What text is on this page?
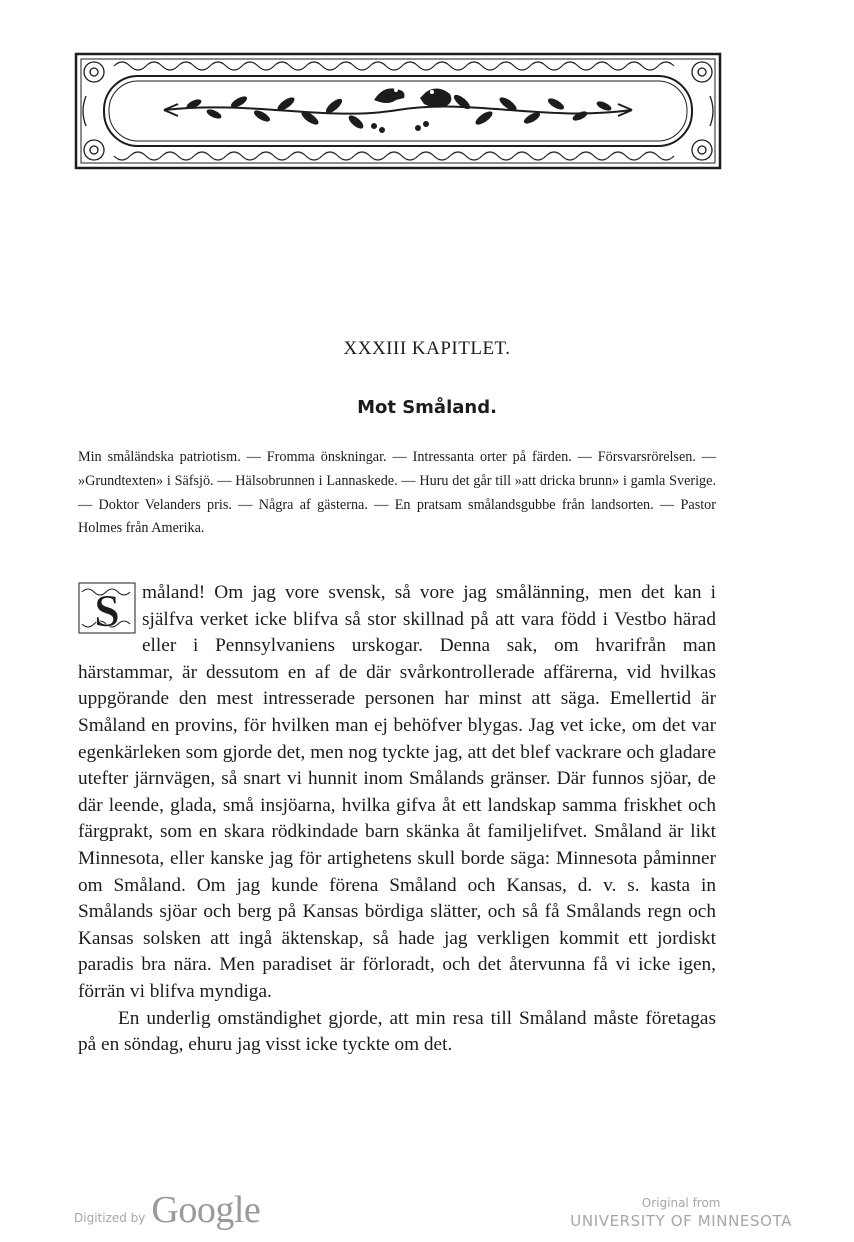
XXXIII KAPITLET.
Mot Småland.

Min småländska patriotism. — Fromma önskningar. — Intressanta orter på färden. — Försvarsrörelsen. — »Grundtexten» i Säfsjö. — Hälsobrunnen i Lannaskede. — Huru det går till »att dricka brunn» i gamla Sverige. — Doktor Velanders pris. — Några af gästerna. — En pratsam smålandsgubbe från landsorten. — Pastor Holmes från Amerika.

S måland! Om jag vore svensk, så vore jag smålänning, men det kan i själfva verket icke blifva så stor skillnad på att vara född i Vestbo härad eller i Pennsylvaniens urskogar. Denna sak, om hvarifrån man härstammar, är dessutom en af de där svårkontrollerade affärerna, vid hvilkas uppgörande den mest intresserade personen har minst att säga. Emellertid är Småland en provins, för hvilken man ej behöfver blygas. Jag vet icke, om det var egenkärleken som gjorde det, men nog tyckte jag, att det blef vackrare och gladare utefter järnvägen, så snart vi hunnit inom Smålands gränser. Där funnos sjöar, de där leende, glada, små insjöarna, hvilka gifva åt ett landskap samma friskhet och färgprakt, som en skara rödkindade barn skänka åt familjelifvet. Småland är likt Minnesota, eller kanske jag för artighetens skull borde säga: Minnesota påminner om Småland. Om jag kunde förena Småland och Kansas, d. v. s. kasta in Smålands sjöar och berg på Kansas bördiga slätter, och så få Smålands regn och Kansas solsken att ingå äktenskap, så hade jag verkligen kommit ett jordiskt paradis bra nära. Men paradiset är förloradt, och det återvunna få vi icke igen, förrän vi blifva myndiga.

En underlig omständighet gjorde, att min resa till Småland måste företagas på en söndag, ehuru jag visst icke tyckte om det.

Digitized by Google	Original from
UNIVERSITY OF MINNESOTA
